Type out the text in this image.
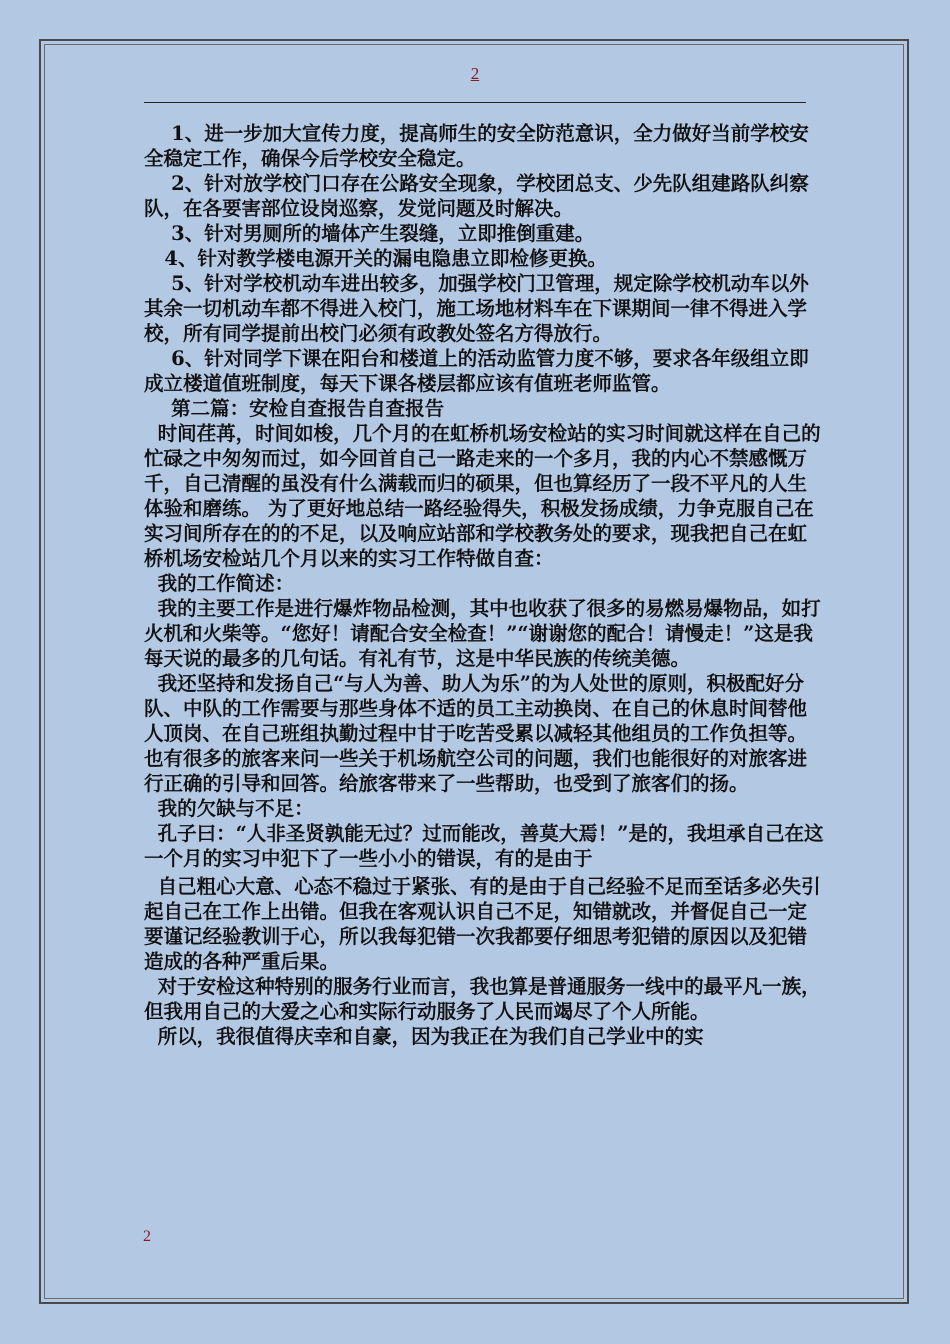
2

1、进一步加大宣传力度，提高师生的安全防范意识，全力做好当前学校安全稳定工作，确保今后学校安全稳定。

2、针对放学校门口存在公路安全现象，学校团总支、少先队组建路队纠察队，在各要害部位设岗巡察，发觉问题及时解决。

3、针对男厕所的墙体产生裂缝，立即推倒重建。

4、针对教学楼电源开关的漏电隐患立即检修更换。

5、针对学校机动车进出较多，加强学校门卫管理，规定除学校机动车以外其余一切机动车都不得进入校门，施工场地材料车在下课期间一律不得进入学校，所有同学提前出校门必须有政教处签名方得放行。

6、针对同学下课在阳台和楼道上的活动监管力度不够，要求各年级组立即成立楼道值班制度，每天下课各楼层都应该有值班老师监管。

第二篇：安检自查报告自查报告

时间荏苒，时间如梭，几个月的在虹桥机场安检站的实习时间就这样在自己的忙碌之中匆匆而过，如今回首自己一路走来的一个多月，我的内心不禁感慨万千，自己清醒的虽没有什么满载而归的硕果，但也算经历了一段不平凡的人生体验和磨练。 为了更好地总结一路经验得失，积极发扬成绩，力争克服自己在实习间所存在的的不足，以及响应站部和学校教务处的要求，现我把自己在虹桥机场安检站几个月以来的实习工作特做自查：

我的工作简述：

我的主要工作是进行爆炸物品检测，其中也收获了很多的易燃易爆物品，如打火机和火柴等。“您好！请配合安全检查！”“谢谢您的配合！请慢走！”这是我每天说的最多的几句话。有礼有节，这是中华民族的传统美德。

我还坚持和发扬自己“与人为善、助人为乐”的为人处世的原则，积极配好分队、中队的工作需要与那些身体不适的员工主动换岗、在自己的休息时间替他人顶岗、在自己班组执勤过程中甘于吃苦受累以减轻其他组员的工作负担等。 也有很多的旅客来问一些关于机场航空公司的问题，我们也能很好的对旅客进行正确的引导和回答。给旅客带来了一些帮助，也受到了旅客们的扬。

我的欠缺与不足：

孔子曰：“人非圣贤孰能无过？过而能改，善莫大焉！”是的，我坦承自己在这一个月的实习中犯下了一些小小的错误，有的是由于

自己粗心大意、心态不稳过于紧张、有的是由于自己经验不足而至话多必失引起自己在工作上出错。但我在客观认识自己不足，知错就改，并督促自己一定要谨记经验教训于心，所以我每犯错一次我都要仔细思考犯错的原因以及犯错造成的各种严重后果。

对于安检这种特别的服务行业而言，我也算是普通服务一线中的最平凡一族，但我用自己的大爱之心和实际行动服务了人民而竭尽了个人所能。

所以，我很值得庆幸和自豪，因为我正在为我们自己学业中的实

2
